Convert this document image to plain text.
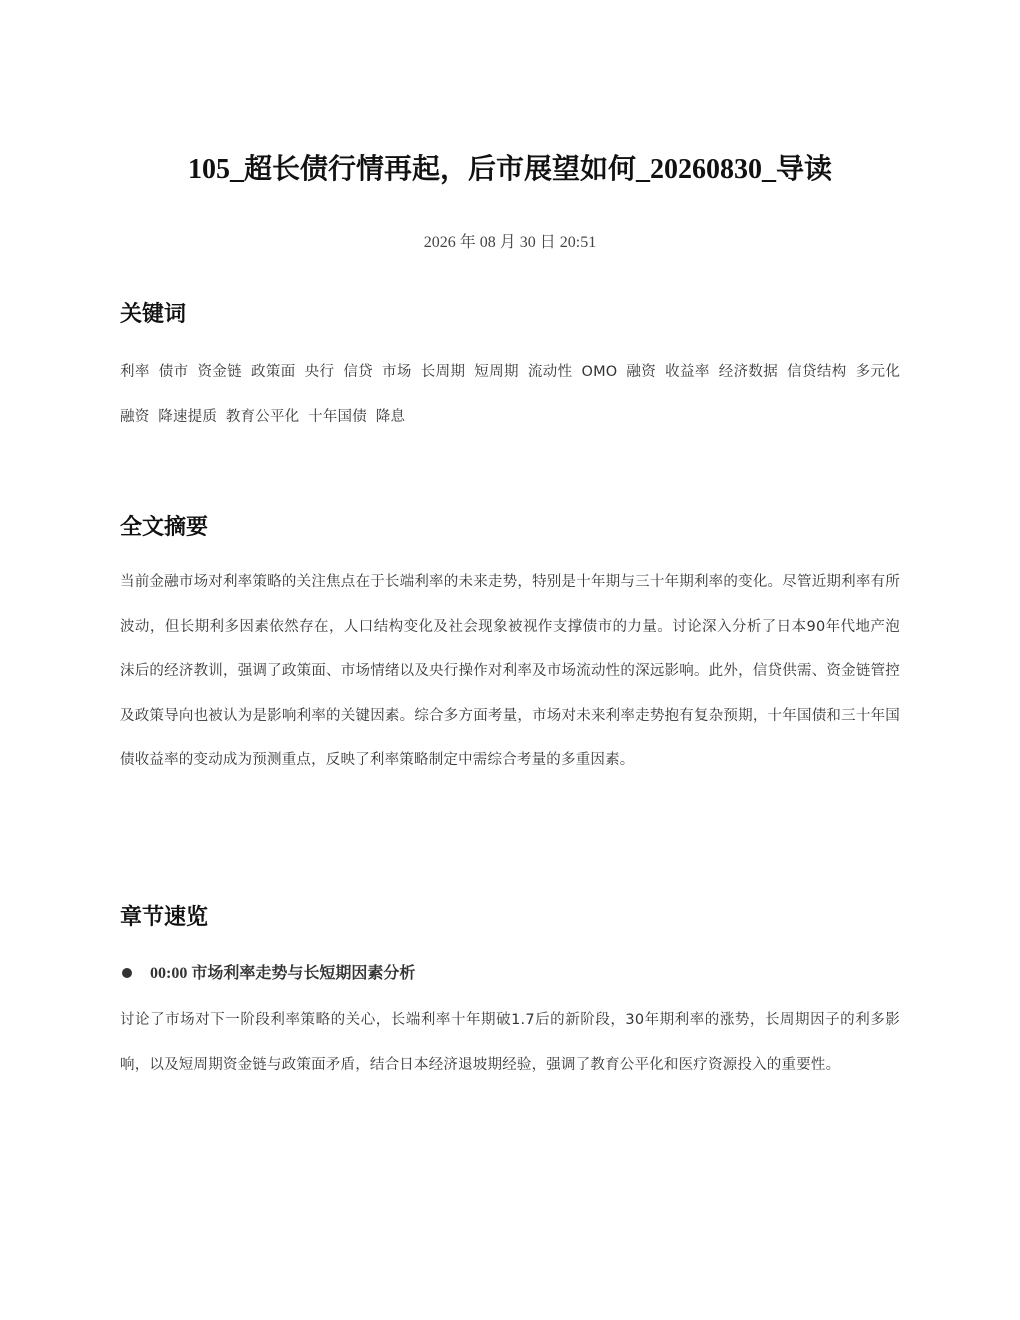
105_超长债行情再起，后市展望如何_20260830_导读
2026 年 08 月 30 日 20:51
关键词

利率 债市 资金链 政策面 央行 信贷 市场 长周期 短周期 流动性 OMO 融资 收益率 经济数据 信贷结构 多元化融资 降速提质 教育公平化 十年国债 降息

全文摘要

当前金融市场对利率策略的关注焦点在于长端利率的未来走势，特别是十年期与三十年期利率的变化。尽管近期利率有所波动，但长期利多因素依然存在，人口结构变化及社会现象被视作支撑债市的力量。讨论深入分析了日本90年代地产泡沫后的经济教训，强调了政策面、市场情绪以及央行操作对利率及市场流动性的深远影响。此外，信贷供需、资金链管控及政策导向也被认为是影响利率的关键因素。综合多方面考量，市场对未来利率走势抱有复杂预期，十年国债和三十年国债收益率的变动成为预测重点，反映了利率策略制定中需综合考量的多重因素。

章节速览
00:00 市场利率走势与长短期因素分析

讨论了市场对下一阶段利率策略的关心，长端利率十年期破1.7后的新阶段，30年期利率的涨势，长周期因子的利多影响，以及短周期资金链与政策面矛盾，结合日本经济退坡期经验，强调了教育公平化和医疗资源投入的重要性。
